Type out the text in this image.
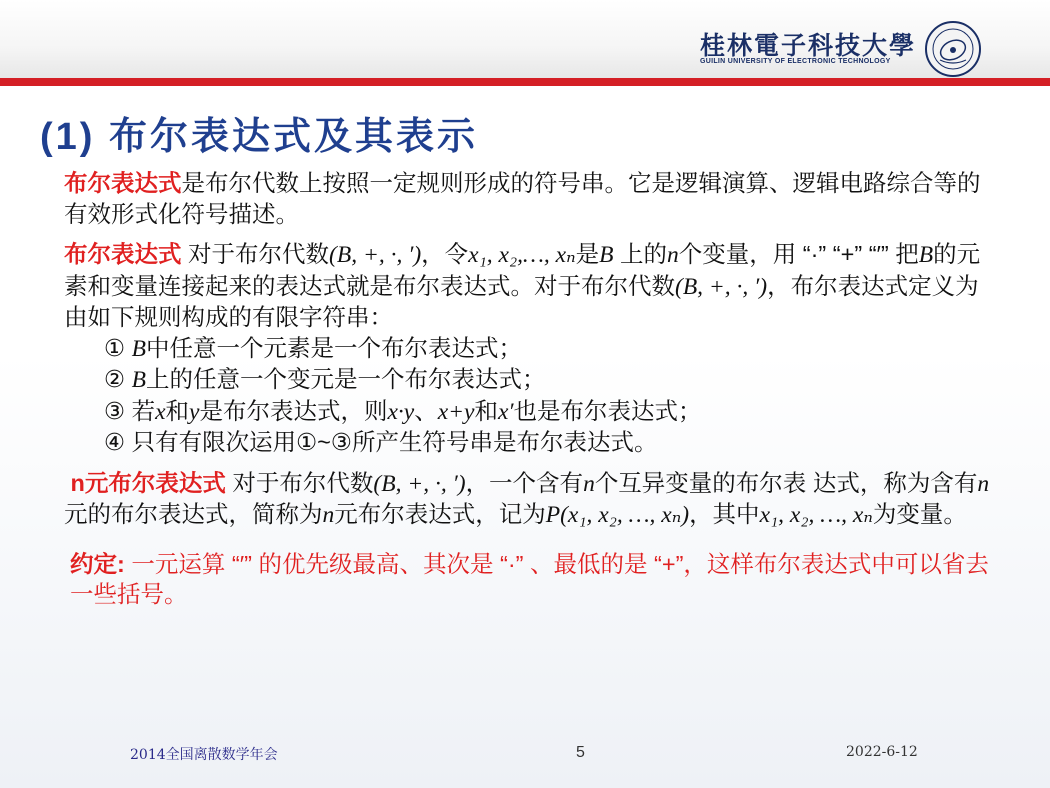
桂林電子科技大學
GUILIN UNIVERSITY OF ELECTRONIC TECHNOLOGY
(1) 布尔表达式及其表示
布尔表达式是布尔代数上按照一定规则形成的符号串。它是逻辑演算、逻辑电路综合等的有效形式化符号描述。
布尔表达式 对于布尔代数(B, +, ·, ′)，令x₁, x₂,…, xₙ是B 上的n个变量，用 “·” “+” “′” 把B的元素和变量连接起来的表达式就是布尔表达式。对于布尔代数(B, +, ·, ′)，布尔表达式定义为由如下规则构成的有限字符串：
① B中任意一个元素是一个布尔表达式；
② B上的任意一个变元是一个布尔表达式；
③ 若x和y是布尔表达式，则x·y、x+y和x′也是布尔表达式；
④ 只有有限次运用①~③所产生符号串是布尔表达式。
n元布尔表达式 对于布尔代数(B, +, ·, ′)，一个含有n个互异变量的布尔表 达式，称为含有n元的布尔表达式，简称为n元布尔表达式，记为P(x₁, x₂, …, xₙ)，其中x₁, x₂, …, xₙ为变量。
约定: 一元运算 “′” 的优先级最高、其次是 “·” 、最低的是 “+”，这样布尔表达式中可以省去一些括号。
2014全国离散数学年会	5	2022-6-12
